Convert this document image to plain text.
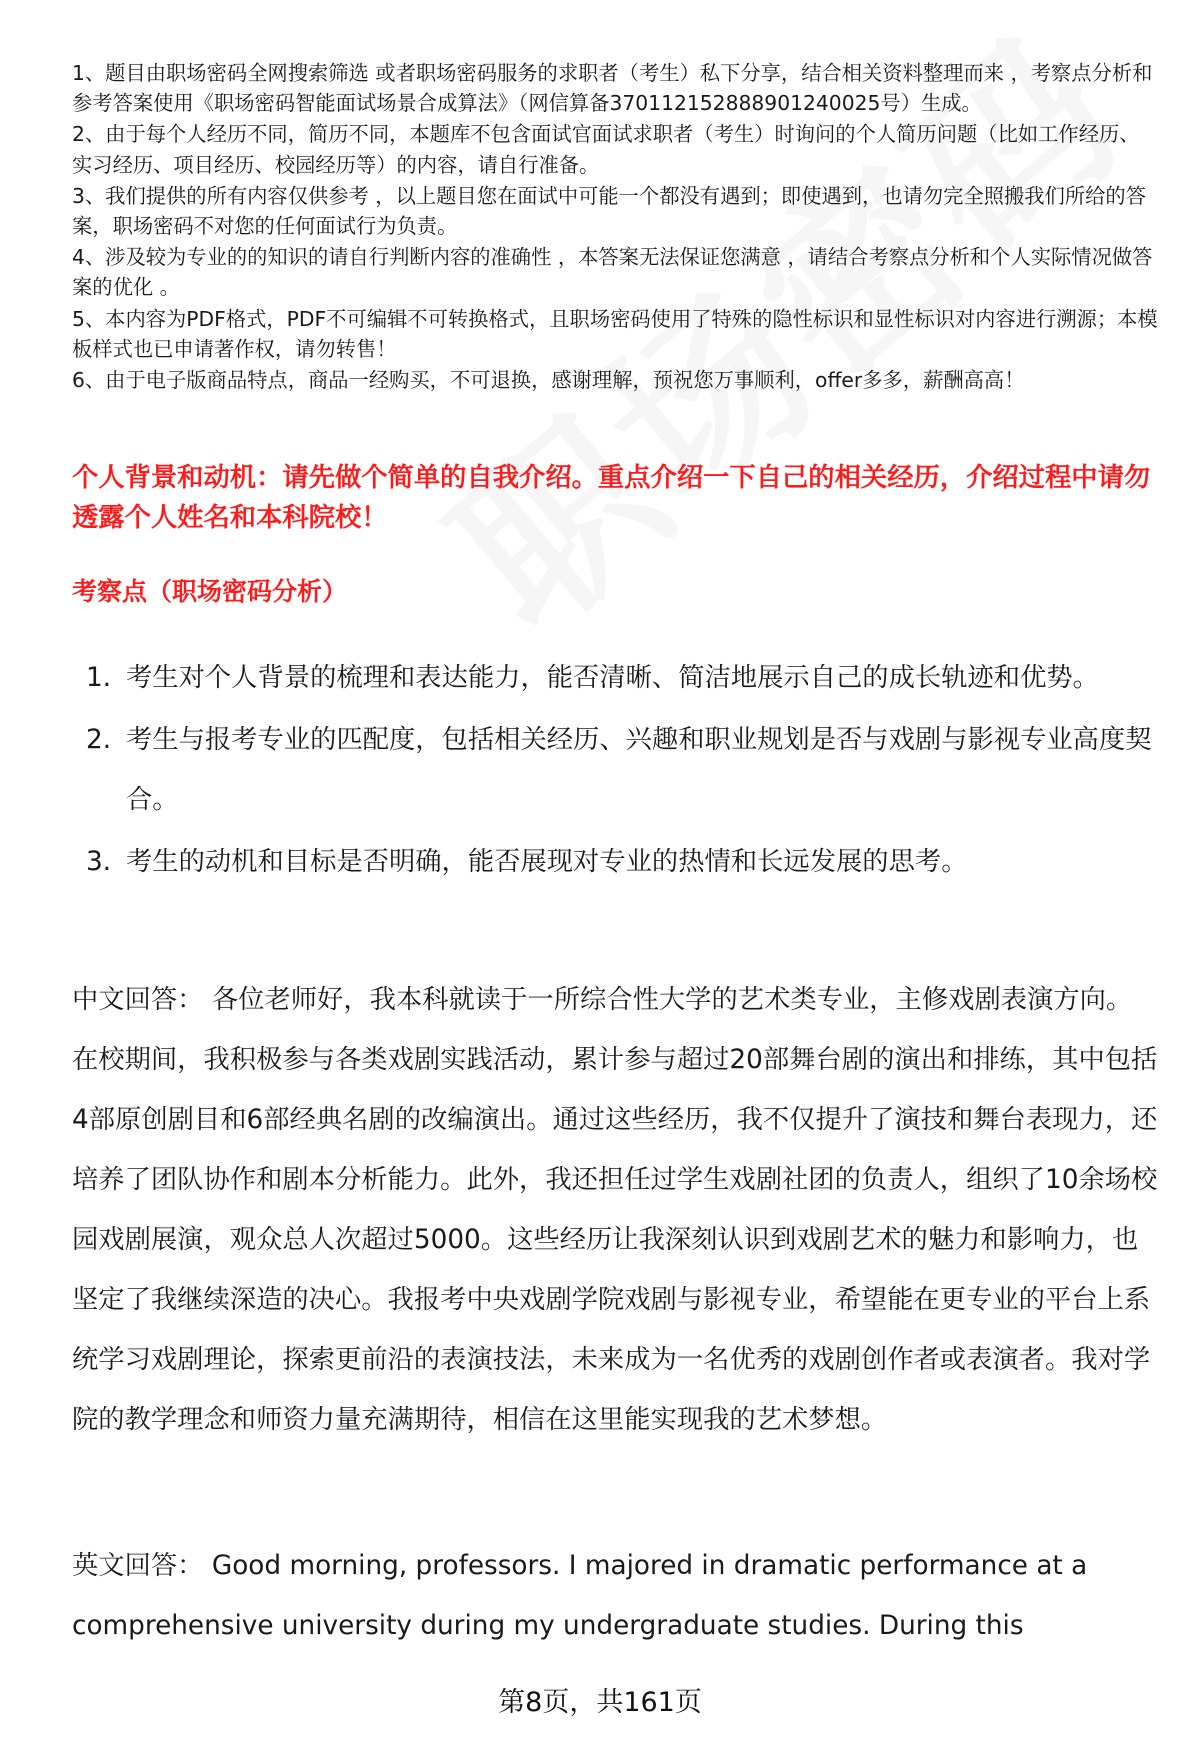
1、题目由职场密码全网搜索筛选 或者职场密码服务的求职者（考生）私下分享，结合相关资料整理而来 ，考察点分析和参考答案使用《职场密码智能面试场景合成算法》（网信算备370112152888901240025号）生成。

2、由于每个人经历不同，简历不同，本题库不包含面试官面试求职者（考生）时询问的个人简历问题（比如工作经历、实习经历、项目经历、校园经历等）的内容，请自行准备。

3、我们提供的所有内容仅供参考 ，以上题目您在面试中可能一个都没有遇到；即使遇到，也请勿完全照搬我们所给的答案，职场密码不对您的任何面试行为负责。

4、涉及较为专业的的知识的请自行判断内容的准确性 ，本答案无法保证您满意 ，请结合考察点分析和个人实际情况做答案的优化 。

5、本内容为PDF格式，PDF不可编辑不可转换格式，且职场密码使用了特殊的隐性标识和显性标识对内容进行溯源；本模板样式也已申请著作权，请勿转售！

6、由于电子版商品特点，商品一经购买，不可退换，感谢理解，预祝您万事顺利，offer多多，薪酬高高！

个人背景和动机：请先做个简单的自我介绍。重点介绍一下自己的相关经历，介绍过程中请勿透露个人姓名和本科院校！

考察点（职场密码分析）

1. 考生对个人背景的梳理和表达能力，能否清晰、简洁地展示自己的成长轨迹和优势。
2. 考生与报考专业的匹配度，包括相关经历、兴趣和职业规划是否与戏剧与影视专业高度契合。
3. 考生的动机和目标是否明确，能否展现对专业的热情和长远发展的思考。

中文回答： 各位老师好，我本科就读于一所综合性大学的艺术类专业，主修戏剧表演方向。在校期间，我积极参与各类戏剧实践活动，累计参与超过20部舞台剧的演出和排练，其中包括4部原创剧目和6部经典名剧的改编演出。通过这些经历，我不仅提升了演技和舞台表现力，还培养了团队协作和剧本分析能力。此外，我还担任过学生戏剧社团的负责人，组织了10余场校园戏剧展演，观众总人次超过5000。这些经历让我深刻认识到戏剧艺术的魅力和影响力，也坚定了我继续深造的决心。我报考中央戏剧学院戏剧与影视专业，希望能在更专业的平台上系统学习戏剧理论，探索更前沿的表演技法，未来成为一名优秀的戏剧创作者或表演者。我对学院的教学理念和师资力量充满期待，相信在这里能实现我的艺术梦想。

英文回答： Good morning, professors. I majored in dramatic performance at a comprehensive university during my undergraduate studies. During this

第8页，共161页
